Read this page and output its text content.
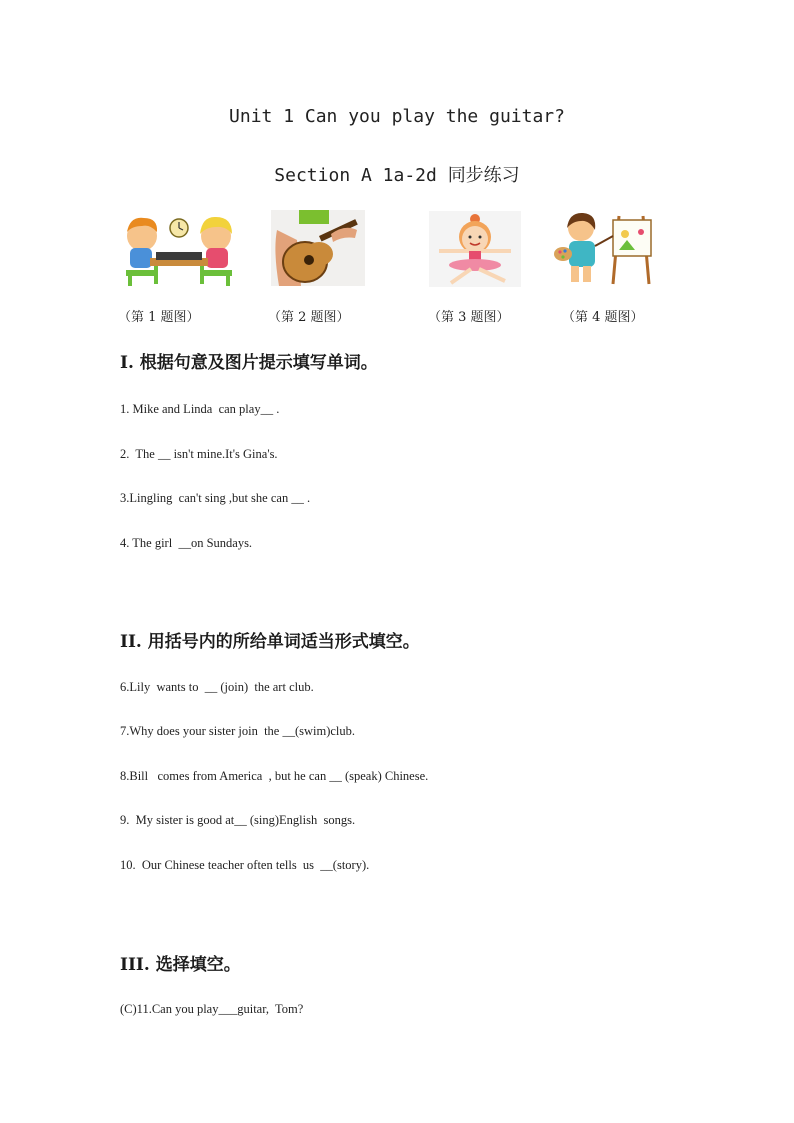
Unit 1 Can you play the guitar?
Section A 1a-2d 同步练习
（第 1 题图）	（第 2 题图）	（第 3 题图）	（第 4 题图）
I. 根据句意及图片提示填写单词。
1. Mike and Linda  can play__ .
2.  The __ isn't mine.It's Gina's.
3.Lingling  can't sing ,but she can __ .
4. The girl  __on Sundays.
II. 用括号内的所给单词适当形式填空。
6.Lily  wants to  __ (join)  the art club.
7.Why does your sister join  the __(swim)club.
8.Bill   comes from America  , but he can __ (speak) Chinese.
9.  My sister is good at__ (sing)English  songs.
10.  Our Chinese teacher often tells  us  __(story).
III. 选择填空。
(C)11.Can you play___guitar,  Tom?
